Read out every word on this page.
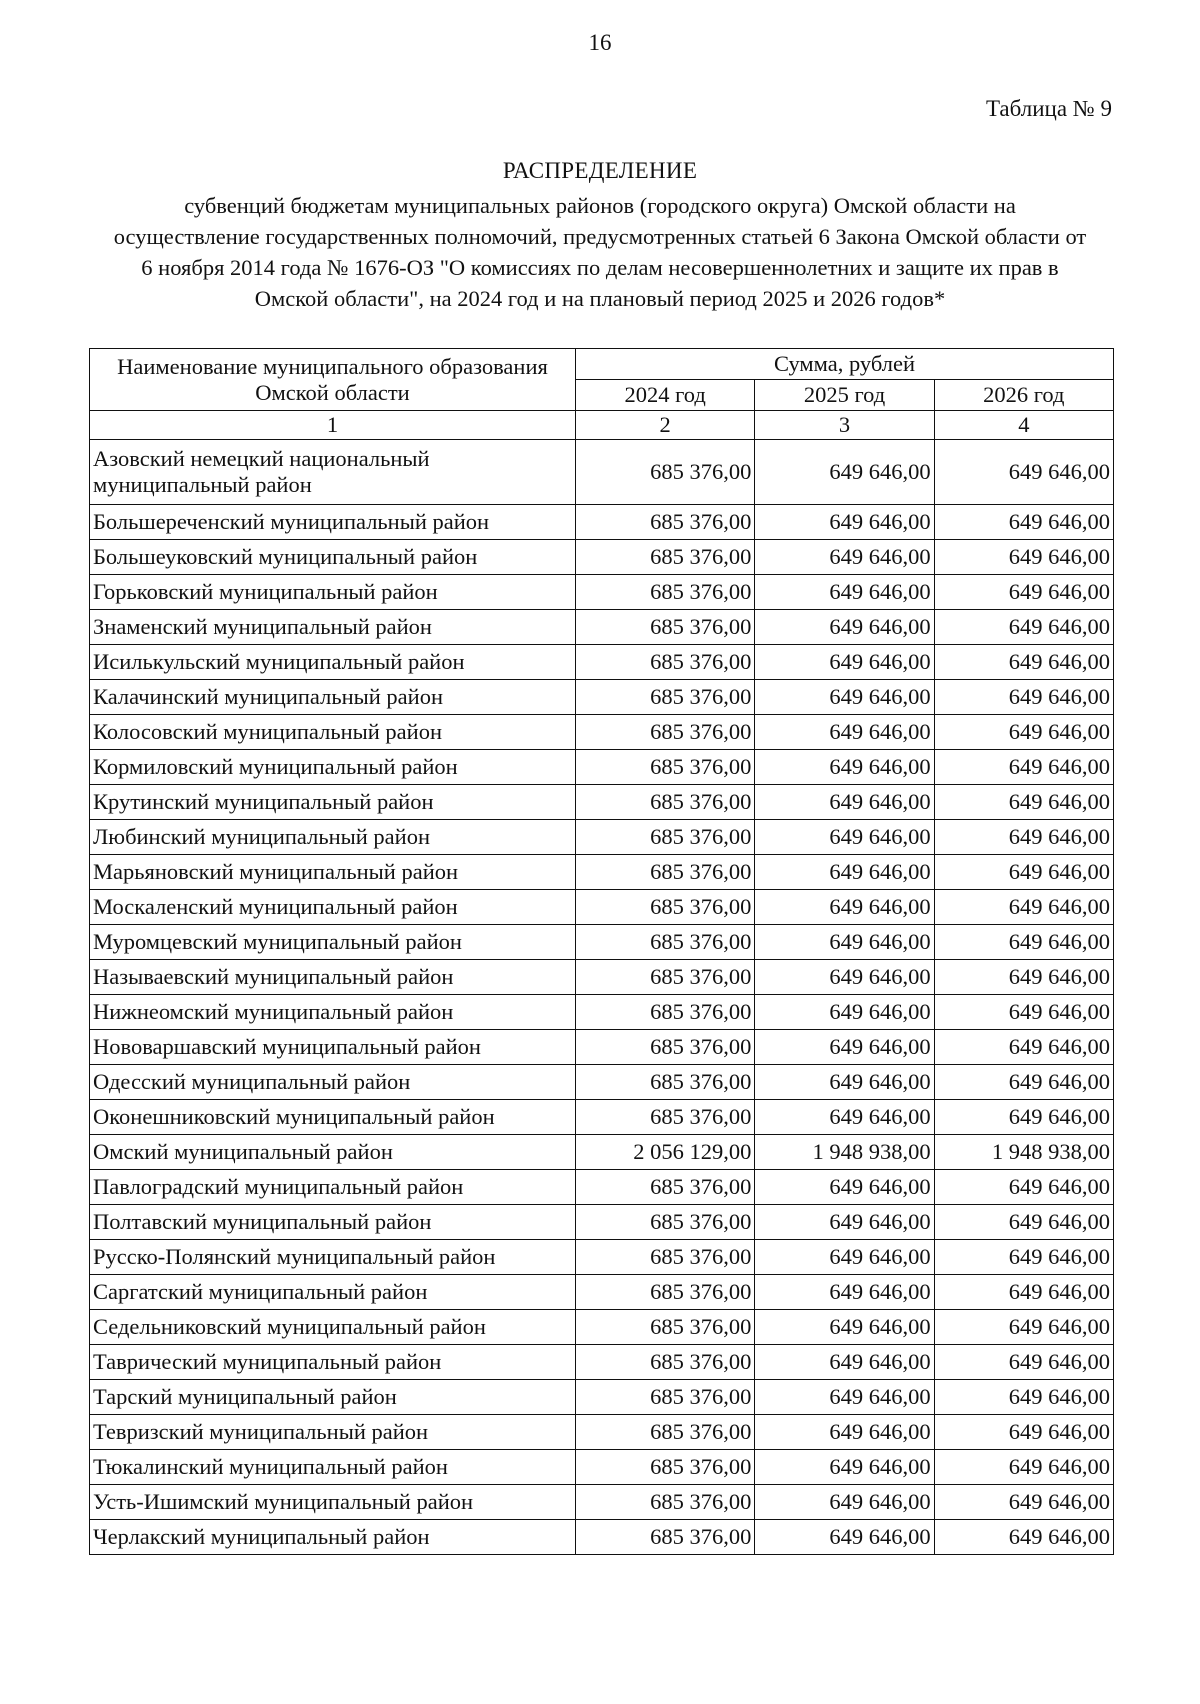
16
Таблица № 9
РАСПРЕДЕЛЕНИЕ
субвенций бюджетам муниципальных районов (городского округа) Омской области на осуществление государственных полномочий, предусмотренных статьей 6 Закона Омской области от 6 ноября 2014 года № 1676-ОЗ "О комиссиях по делам несовершеннолетних и защите их прав в Омской области", на 2024 год и на плановый период 2025 и 2026 годов*
Наименование муниципального образования Омской области	Сумма, рублей		
	2024 год	2025 год	2026 год
1	2	3	4
Азовский немецкий национальный муниципальный район	685 376,00	649 646,00	649 646,00
Большереченский муниципальный район	685 376,00	649 646,00	649 646,00
Большеуковский муниципальный район	685 376,00	649 646,00	649 646,00
Горьковский муниципальный район	685 376,00	649 646,00	649 646,00
Знаменский муниципальный район	685 376,00	649 646,00	649 646,00
Исилькульский муниципальный район	685 376,00	649 646,00	649 646,00
Калачинский муниципальный район	685 376,00	649 646,00	649 646,00
Колосовский муниципальный район	685 376,00	649 646,00	649 646,00
Кормиловский муниципальный район	685 376,00	649 646,00	649 646,00
Крутинский муниципальный район	685 376,00	649 646,00	649 646,00
Любинский муниципальный район	685 376,00	649 646,00	649 646,00
Марьяновский муниципальный район	685 376,00	649 646,00	649 646,00
Москаленский муниципальный район	685 376,00	649 646,00	649 646,00
Муромцевский муниципальный район	685 376,00	649 646,00	649 646,00
Называевский муниципальный район	685 376,00	649 646,00	649 646,00
Нижнеомский муниципальный район	685 376,00	649 646,00	649 646,00
Нововаршавский муниципальный район	685 376,00	649 646,00	649 646,00
Одесский муниципальный район	685 376,00	649 646,00	649 646,00
Оконешниковский муниципальный район	685 376,00	649 646,00	649 646,00
Омский муниципальный район	2 056 129,00	1 948 938,00	1 948 938,00
Павлоградский муниципальный район	685 376,00	649 646,00	649 646,00
Полтавский муниципальный район	685 376,00	649 646,00	649 646,00
Русско-Полянский муниципальный район	685 376,00	649 646,00	649 646,00
Саргатский муниципальный район	685 376,00	649 646,00	649 646,00
Седельниковский муниципальный район	685 376,00	649 646,00	649 646,00
Таврический муниципальный район	685 376,00	649 646,00	649 646,00
Тарский муниципальный район	685 376,00	649 646,00	649 646,00
Тевризский муниципальный район	685 376,00	649 646,00	649 646,00
Тюкалинский муниципальный район	685 376,00	649 646,00	649 646,00
Усть-Ишимский муниципальный район	685 376,00	649 646,00	649 646,00
Черлакский муниципальный район	685 376,00	649 646,00	649 646,00
